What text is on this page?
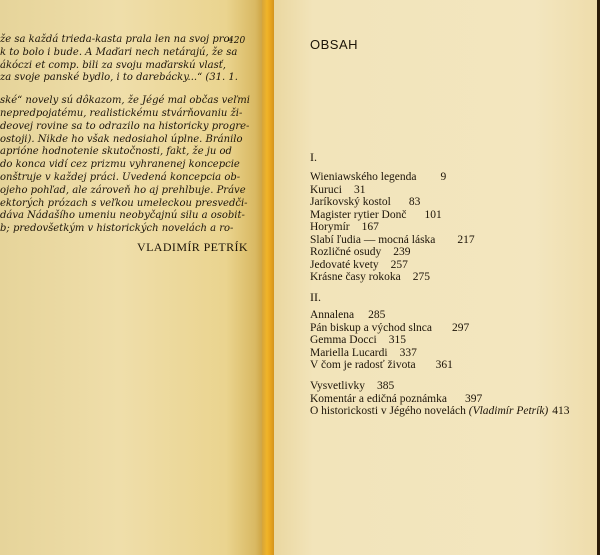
že sa každá trieda-kasta prala len na svoj pro-

k to bolo i bude. A Maďari nech netárajú, že sa

ákóczi et comp. bili za svoju maďarskú vlasť,

za svoje panské bydlo, i to darebácky...“ (31. 1.

ské“ novely sú dôkazom, že Jégé mal občas veľmi

nepredpojatému, realistickému stvárňovaniu ži-

deovej rovine sa to odrazilo na historicky progre-

ostoji). Nikde ho však nedosiahol úplne. Bránilo

aprióne hodnotenie skutočnosti, fakt, že ju od

do konca vidí cez prizmu vyhranenej koncepcie

onštruje v každej práci. Uvedená koncepcia ob-

ojeho pohľad, ale zároveň ho aj prehlbuje. Práve

ektorých prózach s veľkou umeleckou presvedči-

dáva Nádašího umeniu neobyčajnú silu a osobit-

b; predovšetkým v historických novelách a ro-

420
VLADIMÍR PETRÍK
OBSAH
I.
Wieniawského legenda 9
Kuruci 31
Jaríkovský kostol 83
Magister rytier Donč 101
Horymír 167
Slabí ľudia — mocná láska 217
Rozličné osudy 239
Jedovaté kvety 257
Krásne časy rokoka 275
II.
Annalena 285
Pán biskup a východ slnca 297
Gemma Docci 315
Mariella Lucardi 337
V čom je radosť života 361
Vysvetlivky 385
Komentár a edičná poznámka 397
O historickosti v Jégého novelách (Vladimír Petrík) 413
